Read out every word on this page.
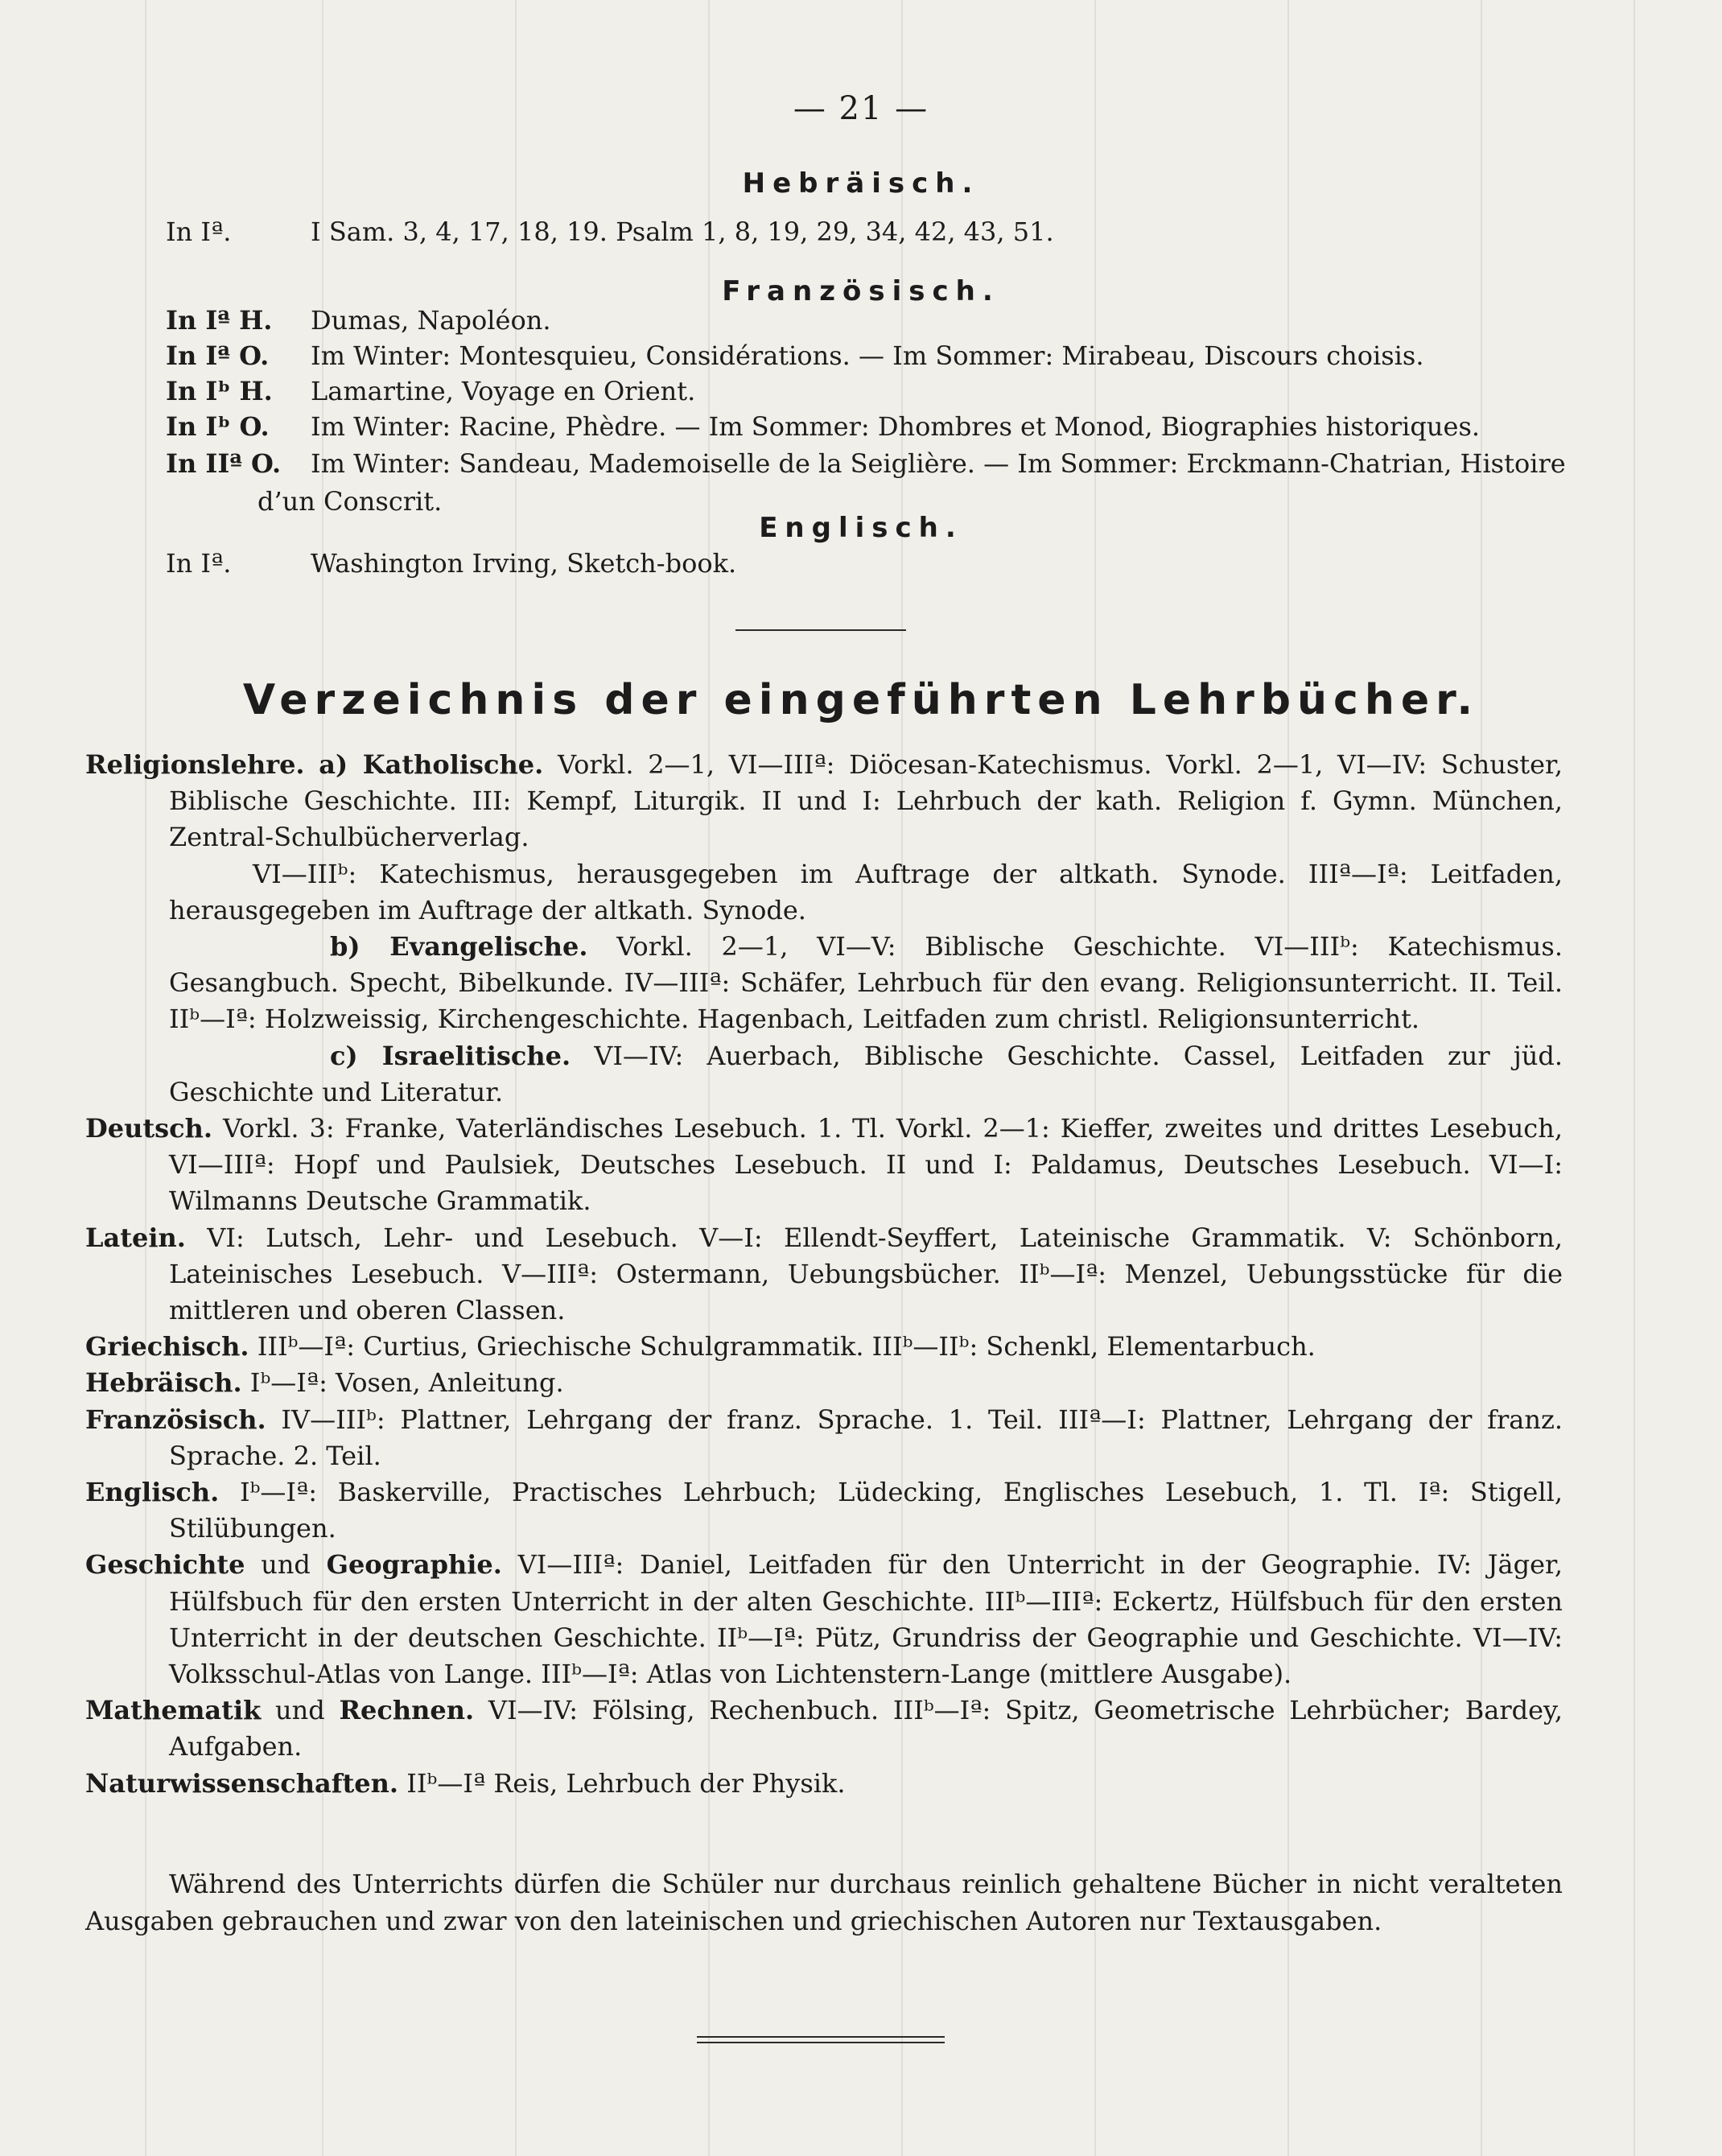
— 21 —
Hebräisch.
In Iª.	I Sam. 3, 4, 17, 18, 19. Psalm 1, 8, 19, 29, 34, 42, 43, 51.
Französisch.
In Iª H. Dumas, Napoléon.
In Iª O. Im Winter: Montesquieu, Considérations. — Im Sommer: Mirabeau, Discours choisis.
In Iᵇ H. Lamartine, Voyage en Orient.
In Iᵇ O. Im Winter: Racine, Phèdre. — Im Sommer: Dhombres et Monod, Biographies historiques.
In IIª O. Im Winter: Sandeau, Mademoiselle de la Seiglière. — Im Sommer: Erckmann-Chatrian, Histoire
d’un Conscrit.
Englisch.
In Iª.	Washington Irving, Sketch-book.
Verzeichnis der eingeführten Lehrbücher.
Religionslehre. a) Katholische. Vorkl. 2—1, VI—IIIª: Diöcesan-Katechismus. Vorkl. 2—1, VI—IV: Schuster, Biblische Geschichte. III: Kempf, Liturgik. II und I: Lehrbuch der kath. Religion f. Gymn. München, Zentral-Schulbücherverlag.
VI—IIIᵇ: Katechismus, herausgegeben im Auftrage der altkath. Synode. IIIª—Iª: Leitfaden, herausgegeben im Auftrage der altkath. Synode.
b) Evangelische. Vorkl. 2—1, VI—V: Biblische Geschichte. VI—IIIᵇ: Katechismus. Gesangbuch. Specht, Bibelkunde. IV—IIIª: Schäfer, Lehrbuch für den evang. Religionsunterricht. II. Teil. IIᵇ—Iª: Holzweissig, Kirchengeschichte. Hagenbach, Leitfaden zum christl. Religionsunterricht.
c) Israelitische. VI—IV: Auerbach, Biblische Geschichte. Cassel, Leitfaden zur jüd. Geschichte und Literatur.
Deutsch. Vorkl. 3: Franke, Vaterländisches Lesebuch. 1. Tl. Vorkl. 2—1: Kieffer, zweites und drittes Lesebuch, VI—IIIª: Hopf und Paulsiek, Deutsches Lesebuch. II und I: Paldamus, Deutsches Lesebuch. VI—I: Wilmanns Deutsche Grammatik.
Latein. VI: Lutsch, Lehr- und Lesebuch. V—I: Ellendt-Seyffert, Lateinische Grammatik. V: Schönborn, Lateinisches Lesebuch. V—IIIª: Ostermann, Uebungsbücher. IIᵇ—Iª: Menzel, Uebungsstücke für die mittleren und oberen Classen.
Griechisch. IIIᵇ—Iª: Curtius, Griechische Schulgrammatik. IIIᵇ—IIᵇ: Schenkl, Elementarbuch.
Hebräisch. Iᵇ—Iª: Vosen, Anleitung.
Französisch. IV—IIIᵇ: Plattner, Lehrgang der franz. Sprache. 1. Teil. IIIª—I: Plattner, Lehrgang der franz. Sprache. 2. Teil.
Englisch. Iᵇ—Iª: Baskerville, Practisches Lehrbuch; Lüdecking, Englisches Lesebuch, 1. Tl. Iª: Stigell, Stilübungen.
Geschichte und Geographie. VI—IIIª: Daniel, Leitfaden für den Unterricht in der Geographie. IV: Jäger, Hülfsbuch für den ersten Unterricht in der alten Geschichte. IIIᵇ—IIIª: Eckertz, Hülfsbuch für den ersten Unterricht in der deutschen Geschichte. IIᵇ—Iª: Pütz, Grundriss der Geographie und Geschichte. VI—IV: Volksschul-Atlas von Lange. IIIᵇ—Iª: Atlas von Lichtenstern-Lange (mittlere Ausgabe).
Mathematik und Rechnen. VI—IV: Fölsing, Rechenbuch. IIIᵇ—Iª: Spitz, Geometrische Lehrbücher; Bardey, Aufgaben.
Naturwissenschaften. IIᵇ—Iª Reis, Lehrbuch der Physik.
Während des Unterrichts dürfen die Schüler nur durchaus reinlich gehaltene Bücher in nicht veralteten Ausgaben gebrauchen und zwar von den lateinischen und griechischen Autoren nur Textausgaben.
